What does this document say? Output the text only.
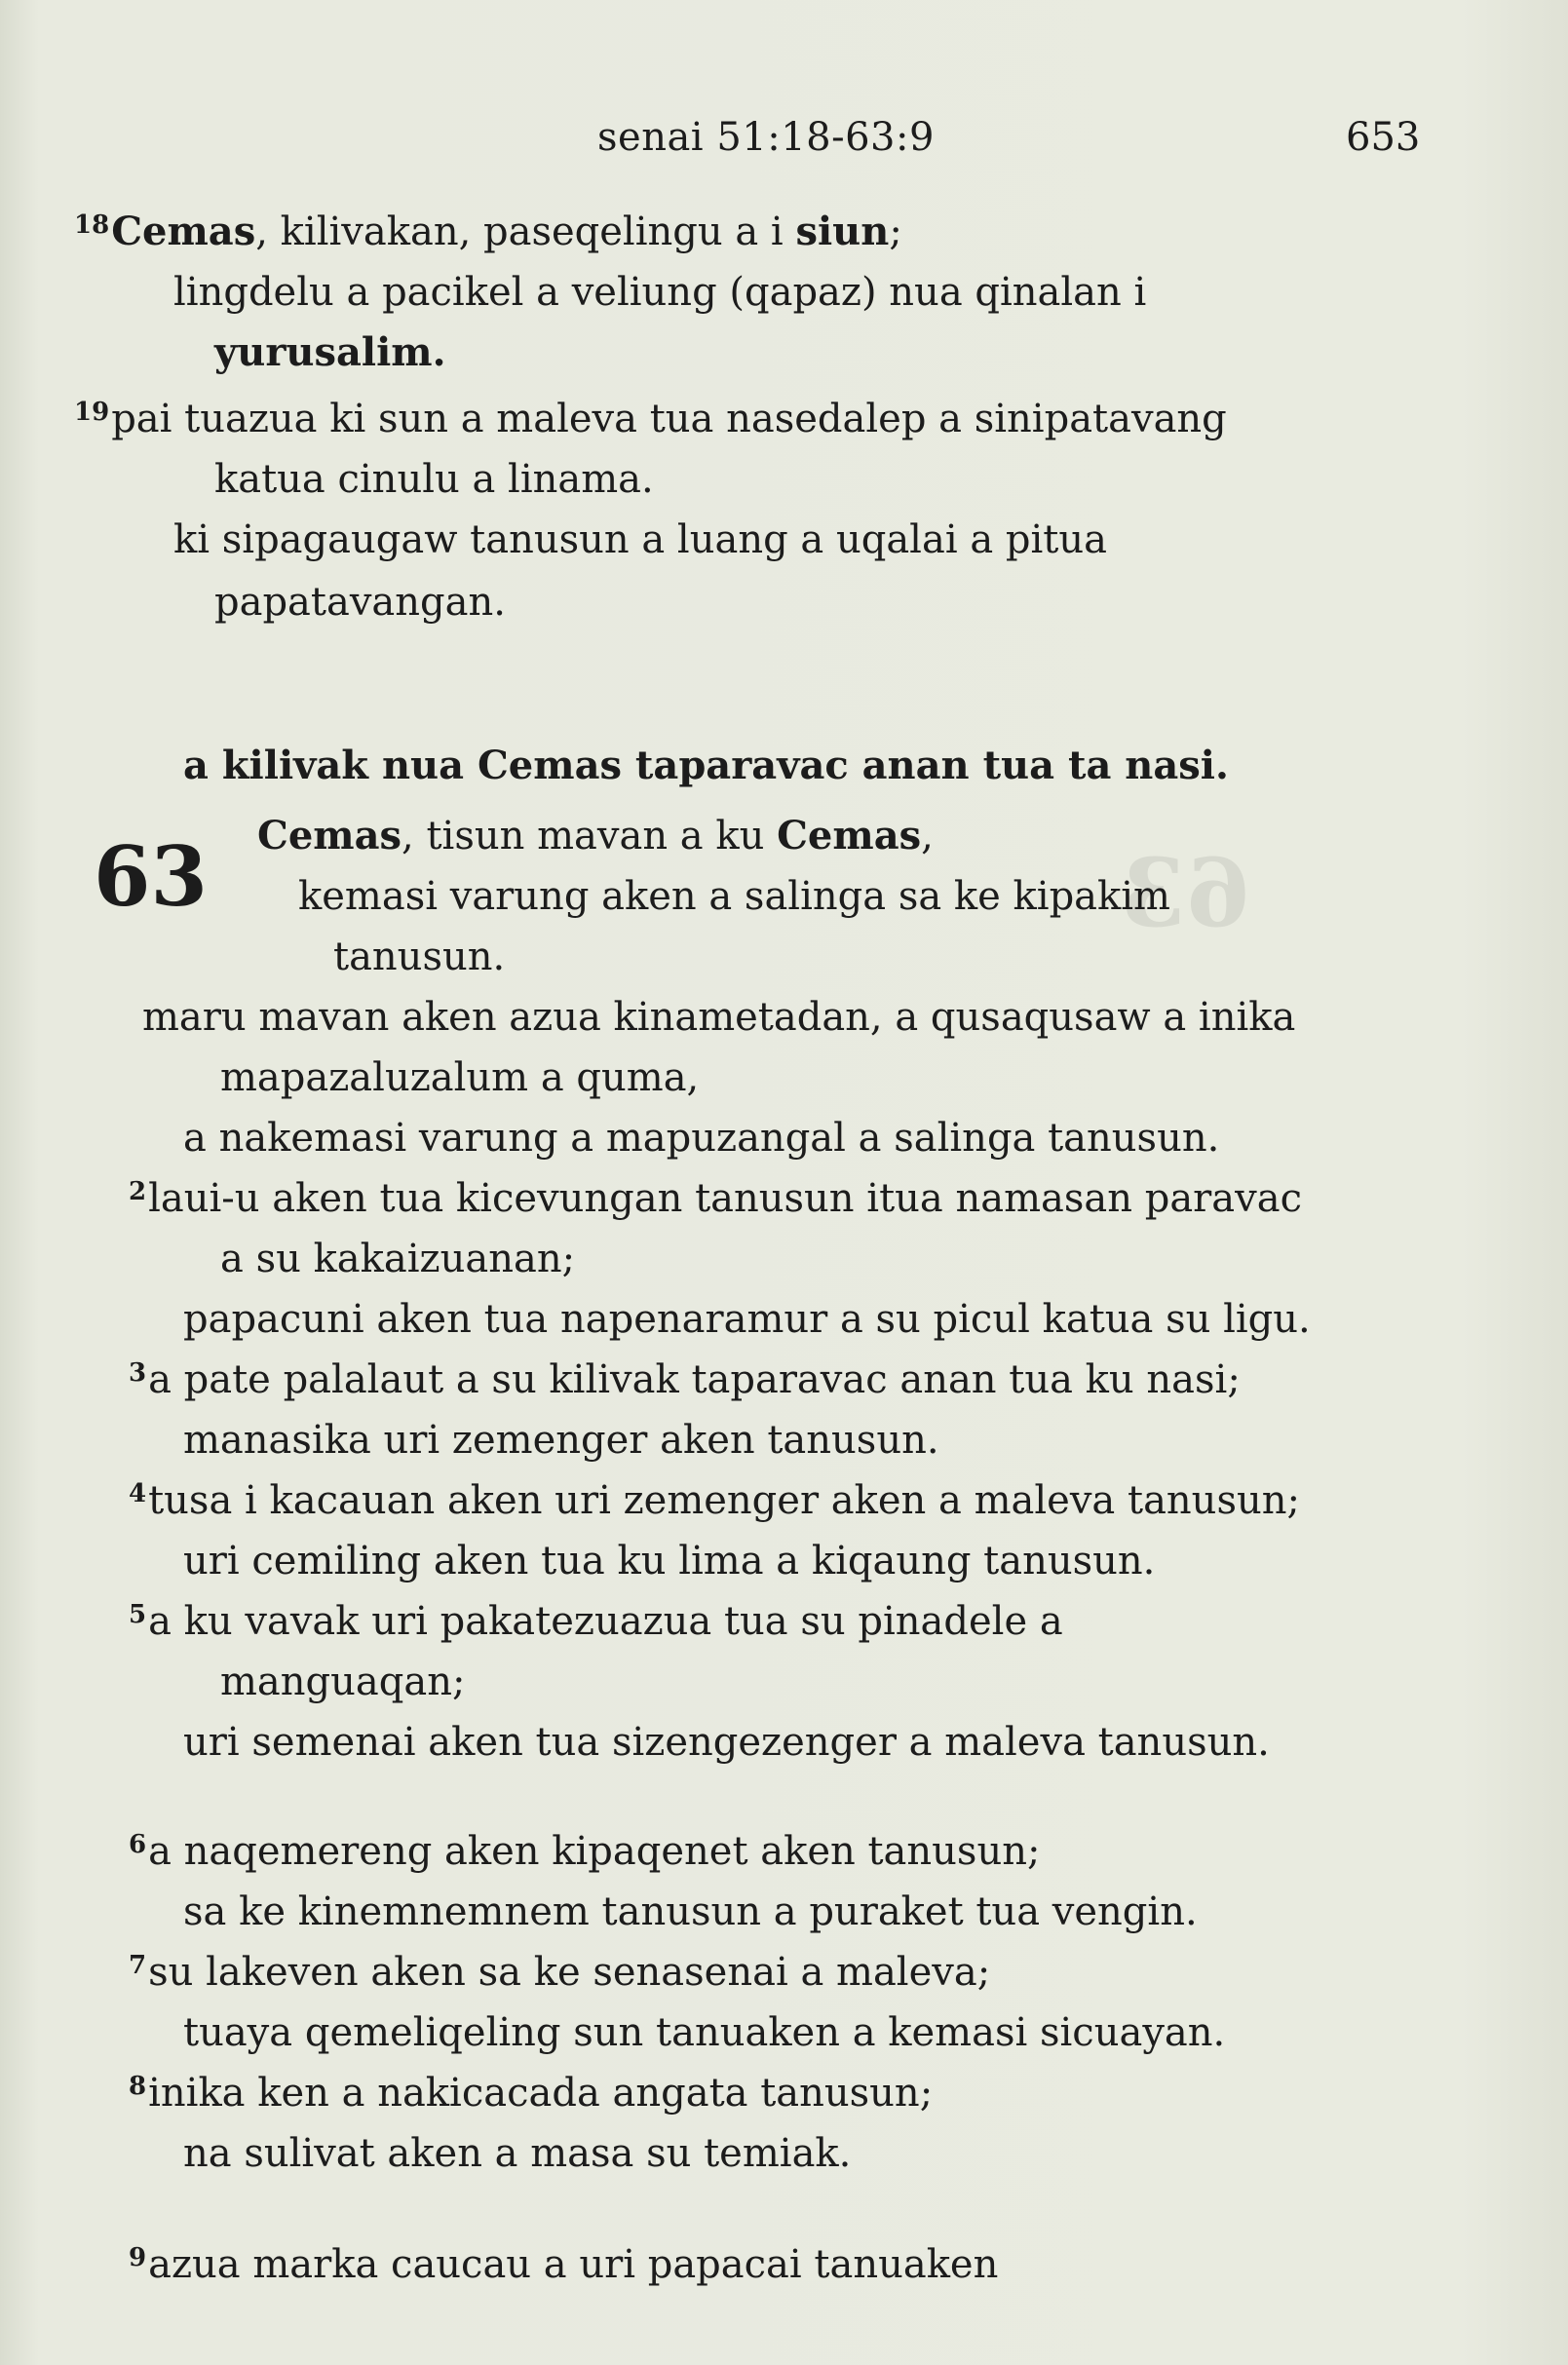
63
senai 51:18-63:9	653
$^{18}$Cemas, kilivakan, paseqelingu a i siun;
lingdelu a pacikel a veliung (qapaz) nua qinalan i
yurusalim.
$^{19}$pai tuazua ki sun a maleva tua nasedalep a sinipatavang
katua cinulu a linama.
ki sipagaugaw tanusun a luang a uqalai a pitua
papatavangan.
a kilivak nua Cemas taparavac anan tua ta nasi.
63 Cemas, tisun mavan a ku Cemas,
kemasi varung aken a salinga sa ke kipakim
tanusun.
maru mavan aken azua kinametadan, a qusaqusaw a inika
mapazaluzalum a quma,
a nakemasi varung a mapuzangal a salinga tanusun.
$^2$laui-u aken tua kicevungan tanusun itua namasan paravac
a su kakaizuanan;
papacuni aken tua napenaramur a su picul katua su ligu.
$^3$a pate palalaut a su kilivak taparavac anan tua ku nasi;
manasika uri zemenger aken tanusun.
$^4$tusa i kacauan aken uri zemenger aken a maleva tanusun;
uri cemiling aken tua ku lima a kiqaung tanusun.
$^5$a ku vavak uri pakatezuazua tua su pinadele a
manguaqan;
uri semenai aken tua sizengezenger a maleva tanusun.
$^6$a naqemereng aken kipaqenet aken tanusun;
sa ke kinemnemnem tanusun a puraket tua vengin.
$^7$su lakeven aken sa ke senasenai a maleva;
tuaya qemeliqeling sun tanuaken a kemasi sicuayan.
$^8$inika ken a nakicacada angata tanusun;
na sulivat aken a masa su temiak.
$^9$azua marka caucau a uri papacai tanuaken
